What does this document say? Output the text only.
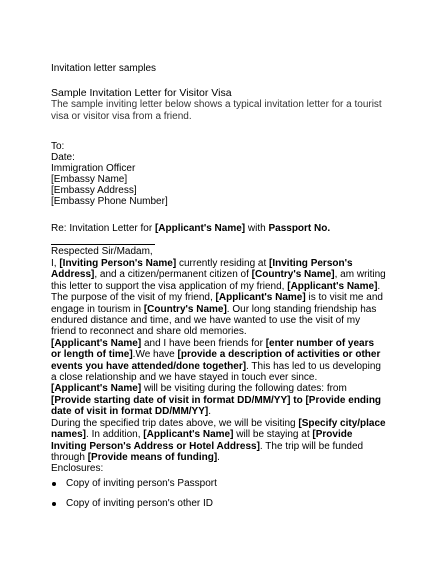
Invitation letter samples
Sample Invitation Letter for Visitor Visa
The sample inviting letter below shows a typical invitation letter for a tourist visa or visitor visa from a friend.
To:
Date:
Immigration Officer
[Embassy Name]
[Embassy Address]
[Embassy Phone Number]
Re: Invitation Letter for [Applicant's Name] with Passport No.
Respected Sir/Madam,

I, [Inviting Person's Name] currently residing at [Inviting Person's Address], and a citizen/permanent citizen of [Country's Name], am writing this letter to support the visa application of my friend, [Applicant's Name].

The purpose of the visit of my friend, [Applicant's Name] is to visit me and engage in tourism in [Country's Name]. Our long standing friendship has endured distance and time, and we have wanted to use the visit of my friend to reconnect and share old memories.

[Applicant's Name] and I have been friends for [enter number of years or length of time].We have [provide a description of activities or other events you have attended/done together]. This has led to us developing a close relationship and we have stayed in touch ever since.

[Applicant's Name] will be visiting during the following dates: from [Provide starting date of visit in format DD/MM/YY] to [Provide ending date of visit in format DD/MM/YY].

During the specified trip dates above, we will be visiting [Specify city/place names]. In addition, [Applicant's Name] will be staying at [Provide Inviting Person's Address or Hotel Address]. The trip will be funded through [Provide means of funding].

Enclosures:
Copy of inviting person's Passport
Copy of inviting person's other ID
